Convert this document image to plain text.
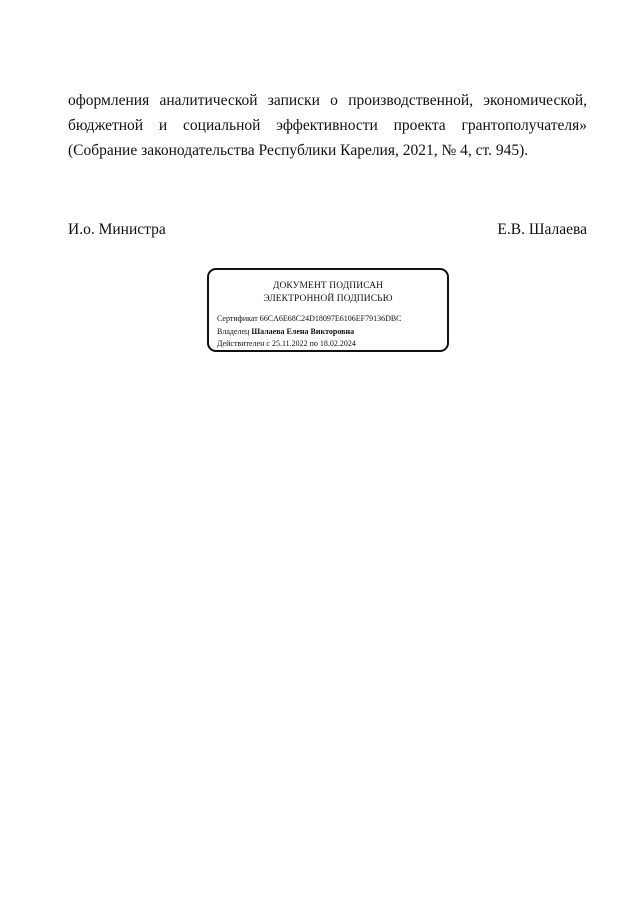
оформления аналитической записки о производственной, экономической,
бюджетной и социальной эффективности проекта грантополучателя»
(Собрание законодательства Республики Карелия, 2021, № 4, ст. 945).
И.о. Министра	Е.В. Шалаева
ДОКУМЕНТ ПОДПИСАН
ЭЛЕКТРОННОЙ ПОДПИСЬЮ
Сертификат 66CA6E68C24D18097E6106EF79136DBC
Владелец Шалаева Елена Викторовна
Действителен с 25.11.2022 по 18.02.2024
